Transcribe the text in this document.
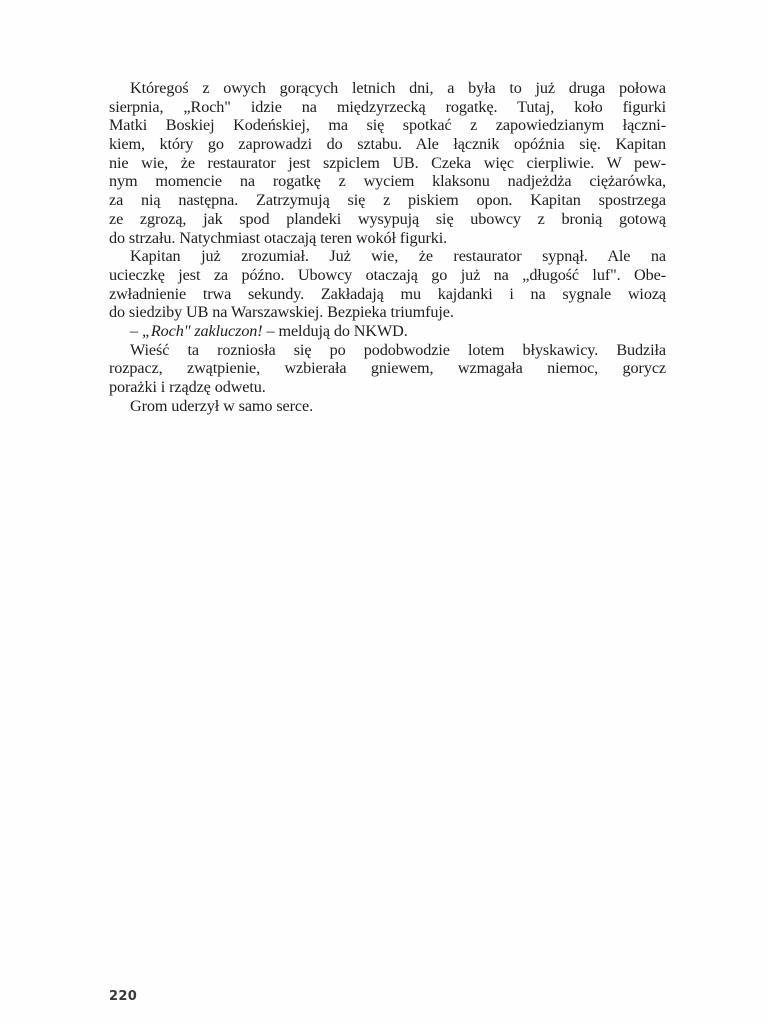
Któregoś z owych gorących letnich dni, a była to już druga połowa
sierpnia, „Roch" idzie na międzyrzecką rogatkę. Tutaj, koło figurki
Matki Boskiej Kodeńskiej, ma się spotkać z zapowiedzianym łączni-
kiem, który go zaprowadzi do sztabu. Ale łącznik opóźnia się. Kapitan
nie wie, że restaurator jest szpiclem UB. Czeka więc cierpliwie. W pew-
nym momencie na rogatkę z wyciem klaksonu nadjeżdża ciężarówka,
za nią następna. Zatrzymują się z piskiem opon. Kapitan spostrzega
ze zgrozą, jak spod plandeki wysypują się ubowcy z bronią gotową
do strzału. Natychmiast otaczają teren wokół figurki.
Kapitan już zrozumiał. Już wie, że restaurator sypnął. Ale na
ucieczkę jest za późno. Ubowcy otaczają go już na „długość luf". Obe-
zwładnienie trwa sekundy. Zakładają mu kajdanki i na sygnale wiozą
do siedziby UB na Warszawskiej. Bezpieka triumfuje.
– „Roch" zakluczon! – meldują do NKWD.
Wieść ta rozniosła się po podobwodzie lotem błyskawicy. Budziła
rozpacz, zwątpienie, wzbierała gniewem, wzmagała niemoc, gorycz
porażki i rządzę odwetu.
Grom uderzył w samo serce.
220
